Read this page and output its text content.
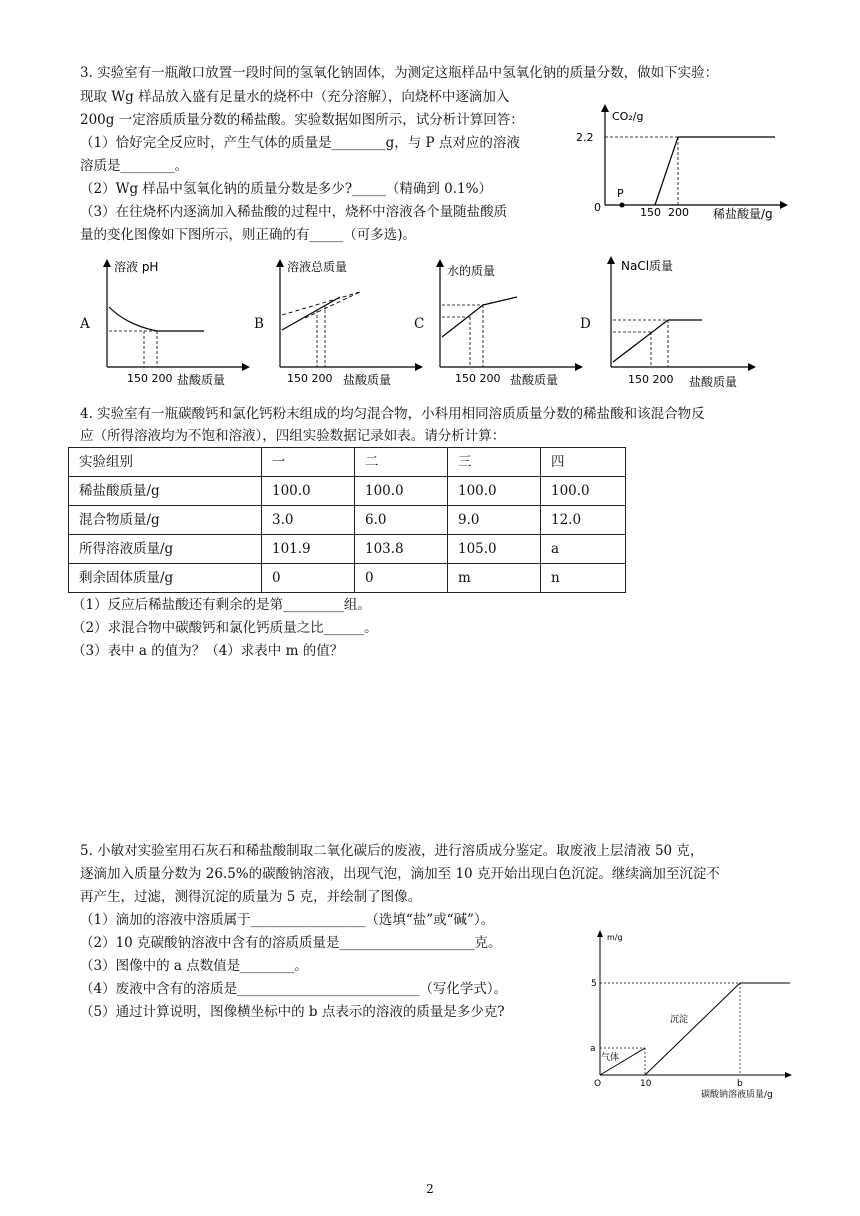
3. 实验室有一瓶敞口放置一段时间的氢氧化钠固体，为测定这瓶样品中氢氧化钠的质量分数，做如下实验：
现取 Wg 样品放入盛有足量水的烧杯中（充分溶解），向烧杯中逐滴加入
200g 一定溶质质量分数的稀盐酸。实验数据如图所示，试分析计算回答：
（1）恰好完全反应时，产生气体的质量是________g，与 P 点对应的溶液
溶质是________。
（2）Wg 样品中氢氧化钠的质量分数是多少?_____（精确到 0.1%）
（3）在往烧杯内逐滴加入稀盐酸的过程中，烧杯中溶液各个量随盐酸质
量的变化图像如下图所示，则正确的有_____（可多选)。
CO₂/g
2.2
P
0	150 200 稀盐酸量/g
A
溶液 pH
150 200 盐酸质量
B
溶液总质量
150 200 盐酸质量
C
水的质量
150 200 盐酸质量
D
NaCl质量
150 200 盐酸质量
4. 实验室有一瓶碳酸钙和氯化钙粉末组成的均匀混合物，小科用相同溶质质量分数的稀盐酸和该混合物反
应（所得溶液均为不饱和溶液），四组实验数据记录如表。请分析计算：
实验组别	一	二	三	四
稀盐酸质量/g	100.0	100.0	100.0	100.0
混合物质量/g	3.0	6.0	9.0	12.0
所得溶液质量/g	101.9	103.8	105.0	a
剩余固体质量/g	0	0	m	n
（1）反应后稀盐酸还有剩余的是第_________组。
（2）求混合物中碳酸钙和氯化钙质量之比______。
（3）表中 a 的值为？（4）求表中 m 的值？
5. 小敏对实验室用石灰石和稀盐酸制取二氧化碳后的废液，进行溶质成分鉴定。取废液上层清液 50 克，
逐滴加入质量分数为 26.5%的碳酸钠溶液，出现气泡，滴加至 10 克开始出现白色沉淀。继续滴加至沉淀不
再产生，过滤，测得沉淀的质量为 5 克，并绘制了图像。
（1）滴加的溶液中溶质属于_________________（选填“盐”或“碱”）。
（2）10 克碳酸钠溶液中含有的溶质质量是____________________克。
（3）图像中的 a 点数值是________。
（4）废液中含有的溶质是___________________________（写化学式）。
（5）通过计算说明，图像横坐标中的 b 点表示的溶液的质量是多少克?
m/g
5
a
气体
沉淀
O	10	b
碳酸钠溶液质量/g
2
